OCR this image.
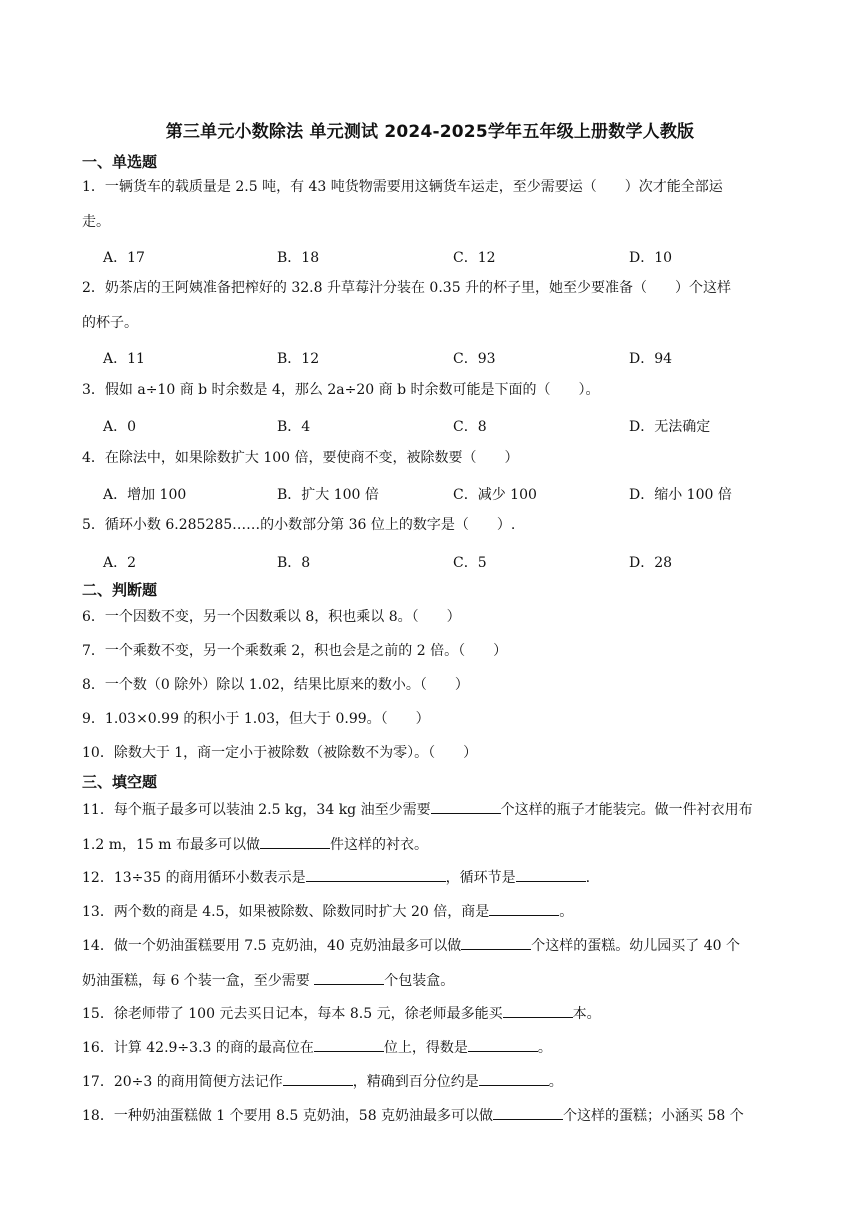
第三单元小数除法 单元测试 2024-2025学年五年级上册数学人教版
一、单选题
1．一辆货车的载质量是 2.5 吨，有 43 吨货物需要用这辆货车运走，至少需要运（　　）次才能全部运
走。
A．17	B．18	C．12	D．10
2．奶茶店的王阿姨准备把榨好的 32.8 升草莓汁分装在 0.35 升的杯子里，她至少要准备（　　）个这样
的杯子。
A．11	B．12	C．93	D．94
3．假如 a÷10 商 b 时余数是 4，那么 2a÷20 商 b 时余数可能是下面的（　　）。
A．0	B．4	C．8	D．无法确定
4．在除法中，如果除数扩大 100 倍，要使商不变，被除数要（　　）
A．增加 100	B．扩大 100 倍	C．减少 100	D．缩小 100 倍
5．循环小数 6.285285……的小数部分第 36 位上的数字是（　　）.
A．2	B．8	C．5	D．28
二、判断题
6．一个因数不变，另一个因数乘以 8，积也乘以 8。（　　）
7．一个乘数不变，另一个乘数乘 2，积也会是之前的 2 倍。（　　）
8．一个数（0 除外）除以 1.02，结果比原来的数小。（　　）
9．1.03×0.99 的积小于 1.03，但大于 0.99。（　　）
10．除数大于 1，商一定小于被除数（被除数不为零）。（　　）
三、填空题
11．每个瓶子最多可以装油 2.5 kg，34 kg 油至少需要	个这样的瓶子才能装完。做一件衬衣用布
1.2 m，15 m 布最多可以做	件这样的衬衣。
12．13÷35 的商用循环小数表示是	，循环节是	.
13．两个数的商是 4.5，如果被除数、除数同时扩大 20 倍，商是	。
14．做一个奶油蛋糕要用 7.5 克奶油，40 克奶油最多可以做	个这样的蛋糕。幼儿园买了 40 个
奶油蛋糕，每 6 个装一盒，至少需要	个包装盒。
15．徐老师带了 100 元去买日记本，每本 8.5 元，徐老师最多能买	本。
16．计算 42.9÷3.3 的商的最高位在	位上，得数是	。
17．20÷3 的商用简便方法记作	，精确到百分位约是	。
18．一种奶油蛋糕做 1 个要用 8.5 克奶油，58 克奶油最多可以做	个这样的蛋糕；小涵买 58 个
